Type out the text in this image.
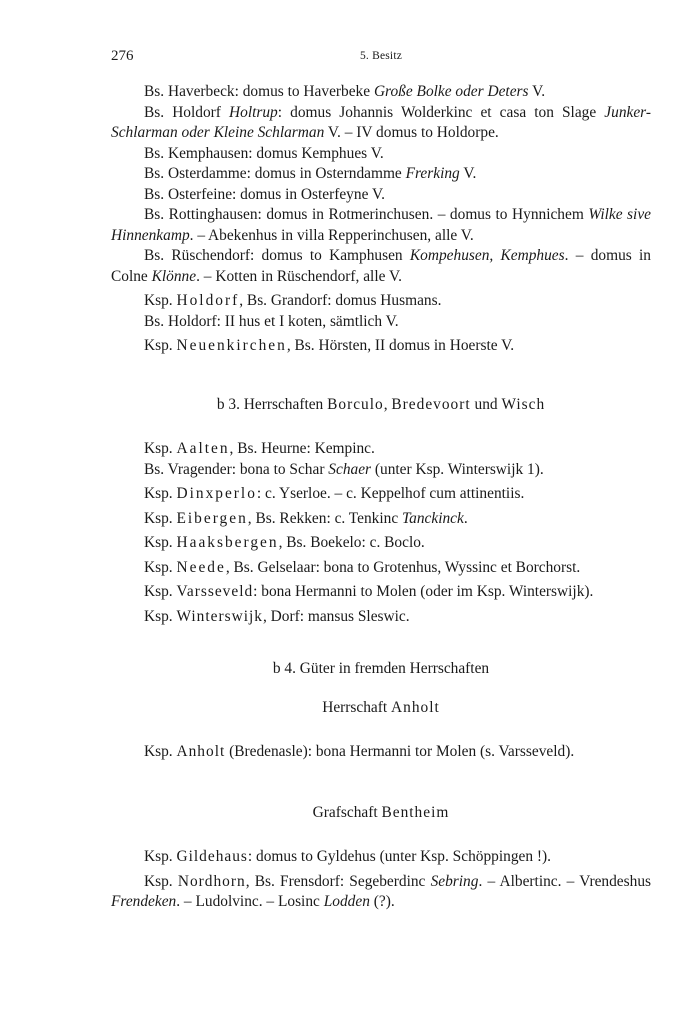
276	5. Besitz

Bs. Haverbeck: domus to Haverbeke Große Bolke oder Deters V.

Bs. Holdorf Holtrup: domus Johannis Wolderkinc et casa ton Slage Junker-Schlarman oder Kleine Schlarman V. – IV domus to Holdorpe.

Bs. Kemphausen: domus Kemphues V.

Bs. Osterdamme: domus in Osterndamme Frerking V.

Bs. Osterfeine: domus in Osterfeyne V.

Bs. Rottinghausen: domus in Rotmerinchusen. – domus to Hynnichem Wilke sive Hinnenkamp. – Abekenhus in villa Repperinchusen, alle V.

Bs. Rüschendorf: domus to Kamphusen Kompehusen, Kemphues. – domus in Colne Klönne. – Kotten in Rüschendorf, alle V.

Ksp. Holdorf, Bs. Grandorf: domus Husmans.

Bs. Holdorf: II hus et I koten, sämtlich V.

Ksp. Neuenkirchen, Bs. Hörsten, II domus in Hoerste V.

b 3. Herrschaften Borculo, Bredevoort und Wisch

Ksp. Aalten, Bs. Heurne: Kempinc.

Bs. Vragender: bona to Schar Schaer (unter Ksp. Winterswijk 1).

Ksp. Dinxperlo: c. Yserloe. – c. Keppelhof cum attinentiis.

Ksp. Eibergen, Bs. Rekken: c. Tenkinc Tanckinck.

Ksp. Haaksbergen, Bs. Boekelo: c. Boclo.

Ksp. Neede, Bs. Gelselaar: bona to Grotenhus, Wyssinc et Borchorst.

Ksp. Varsseveld: bona Hermanni to Molen (oder im Ksp. Winterswijk).

Ksp. Winterswijk, Dorf: mansus Sleswic.

b 4. Güter in fremden Herrschaften

Herrschaft Anholt

Ksp. Anholt (Bredenasle): bona Hermanni tor Molen (s. Varsseveld).

Grafschaft Bentheim

Ksp. Gildehaus: domus to Gyldehus (unter Ksp. Schöppingen !).

Ksp. Nordhorn, Bs. Frensdorf: Segeberdinc Sebring. – Albertinc. – Vrendeshus Frendeken. – Ludolvinc. – Losinc Lodden (?).
